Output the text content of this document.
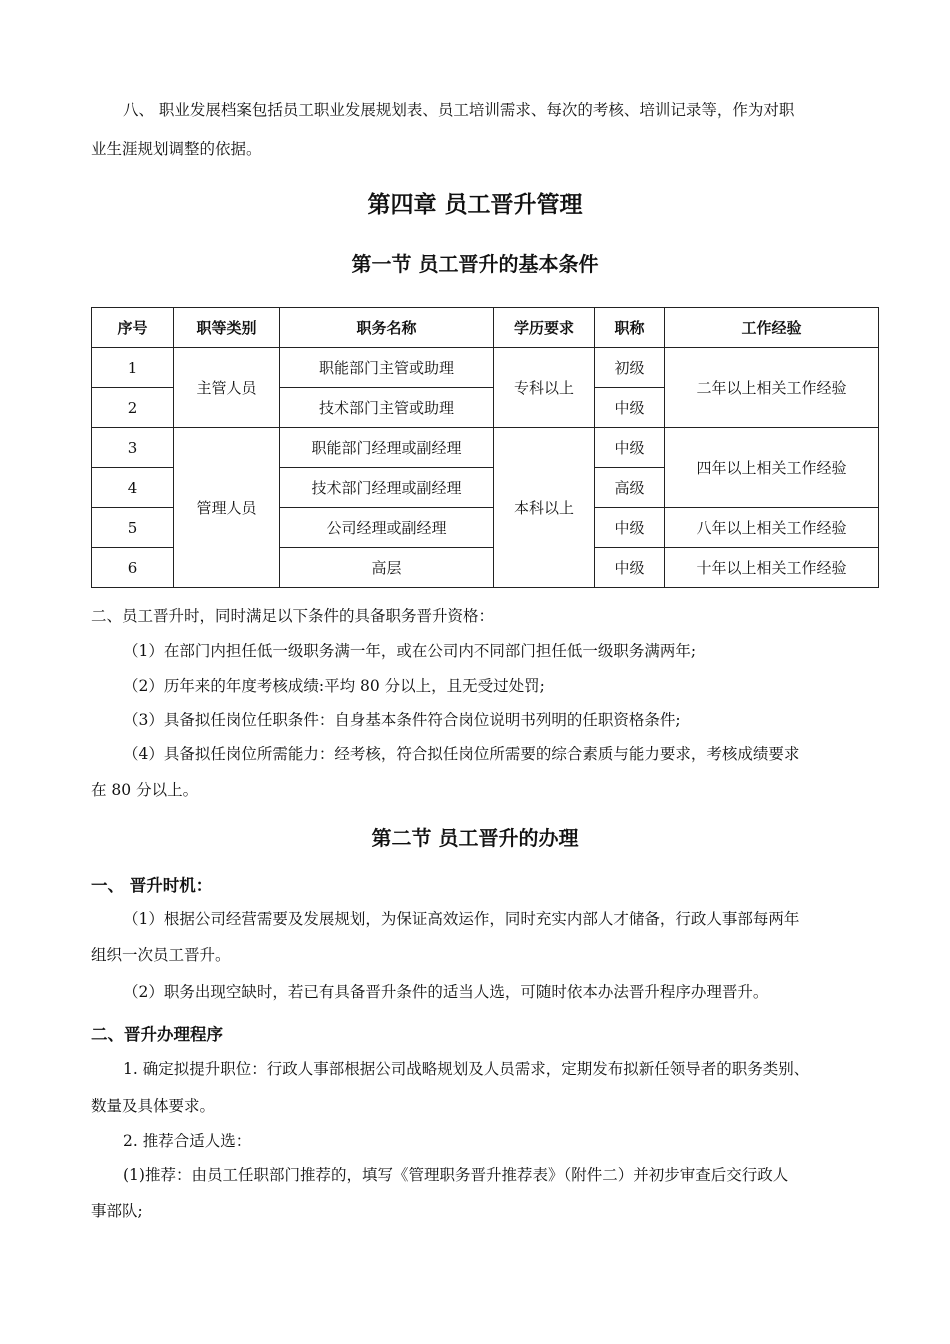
八、 职业发展档案包括员工职业发展规划表、员工培训需求、每次的考核、培训记录等，作为对职
业生涯规划调整的依据。
第四章 员工晋升管理
第一节 员工晋升的基本条件
序号	职等类别	职务名称	学历要求	职称	工作经验
1	主管人员	职能部门主管或助理	专科以上	初级	二年以上相关工作经验
2		技术部门主管或助理		中级	
3	管理人员	职能部门经理或副经理	本科以上	中级	四年以上相关工作经验
4		技术部门经理或副经理		高级	
5		公司经理或副经理		中级	八年以上相关工作经验
6		高层		中级	十年以上相关工作经验
二、员工晋升时，同时满足以下条件的具备职务晋升资格：
（1）在部门内担任低一级职务满一年，或在公司内不同部门担任低一级职务满两年;
（2）历年来的年度考核成绩:平均 80 分以上，且无受过处罚;
（3）具备拟任岗位任职条件：自身基本条件符合岗位说明书列明的任职资格条件;
（4）具备拟任岗位所需能力：经考核，符合拟任岗位所需要的综合素质与能力要求，考核成绩要求
在 80 分以上。
第二节 员工晋升的办理
一、 晋升时机：
（1）根据公司经营需要及发展规划，为保证高效运作，同时充实内部人才储备，行政人事部每两年
组织一次员工晋升。
（2）职务出现空缺时，若已有具备晋升条件的适当人选，可随时依本办法晋升程序办理晋升。
二、晋升办理程序
1. 确定拟提升职位：行政人事部根据公司战略规划及人员需求，定期发布拟新任领导者的职务类别、
数量及具体要求。
2. 推荐合适人选：
(1)推荐：由员工任职部门推荐的，填写《管理职务晋升推荐表》（附件二）并初步审查后交行政人
事部队;
